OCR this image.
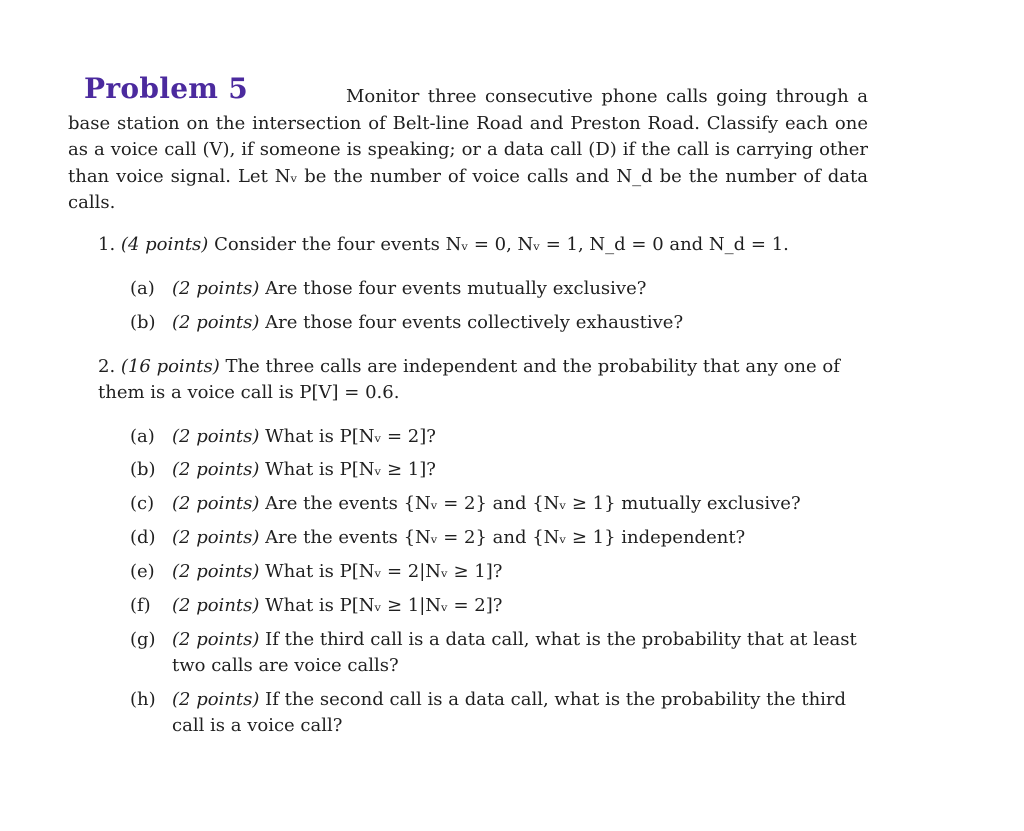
Problem 5	Monitor three consecutive phone calls going through a base station on the intersection of Belt-line Road and Preston Road. Classify each one as a voice call (V), if someone is speaking; or a data call (D) if the call is carrying other than voice signal. Let Nᵥ be the number of voice calls and N_d be the number of data calls.
1. (4 points) Consider the four events Nᵥ = 0, Nᵥ = 1, N_d = 0 and N_d = 1.
(a) (2 points) Are those four events mutually exclusive?
(b) (2 points) Are those four events collectively exhaustive?
2. (16 points) The three calls are independent and the probability that any one of them is a voice call is P[V] = 0.6.
(a) (2 points) What is P[Nᵥ = 2]?
(b) (2 points) What is P[Nᵥ ≥ 1]?
(c) (2 points) Are the events {Nᵥ = 2} and {Nᵥ ≥ 1} mutually exclusive?
(d) (2 points) Are the events {Nᵥ = 2} and {Nᵥ ≥ 1} independent?
(e) (2 points) What is P[Nᵥ = 2|Nᵥ ≥ 1]?
(f) (2 points) What is P[Nᵥ ≥ 1|Nᵥ = 2]?
(g) (2 points) If the third call is a data call, what is the probability that at least two calls are voice calls?
(h) (2 points) If the second call is a data call, what is the probability the third call is a voice call?
